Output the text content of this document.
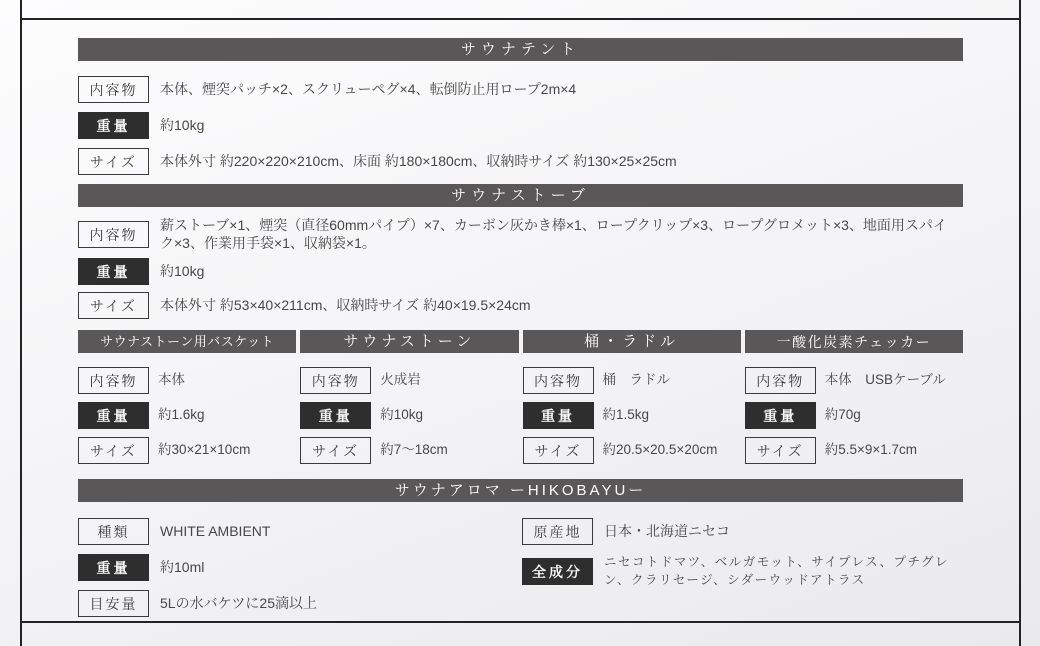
サウナテント
内容物	本体、煙突パッチ×2、スクリューペグ×4、転倒防止用ロープ2m×4
重量	約10kg
サイズ	本体外寸 約220×220×210cm、床面 約180×180cm、収納時サイズ 約130×25×25cm
サウナストーブ
内容物
薪ストーブ×1、煙突（直径60mmパイプ）×7、カーボン灰かき棒×1、ロープクリップ×3、ロープグロメット×3、地面用スパイク×3、作業用手袋×1、収納袋×1。
重量	約10kg
サイズ	本体外寸 約53×40×211cm、収納時サイズ 約40×19.5×24cm
サウナストーン用バスケット
内容物	本体
重量	約1.6kg
サイズ	約30×21×10cm
サウナストーン
内容物	火成岩
重量	約10kg
サイズ	約7〜18cm
桶・ラドル
内容物	桶　ラドル
重量	約1.5kg
サイズ	約20.5×20.5×20cm
一酸化炭素チェッカー
内容物	本体　USBケーブル
重量	約70g
サイズ	約5.5×9×1.7cm
サウナアロマ ーHIKOBAYUー
種類	WHITE AMBIENT
重量	約10ml
目安量	5Lの水バケツに25滴以上
原産地	日本・北海道ニセコ
全成分
ニセコトドマツ、ベルガモット、サイプレス、プチグレン、クラリセージ、シダーウッドアトラス
